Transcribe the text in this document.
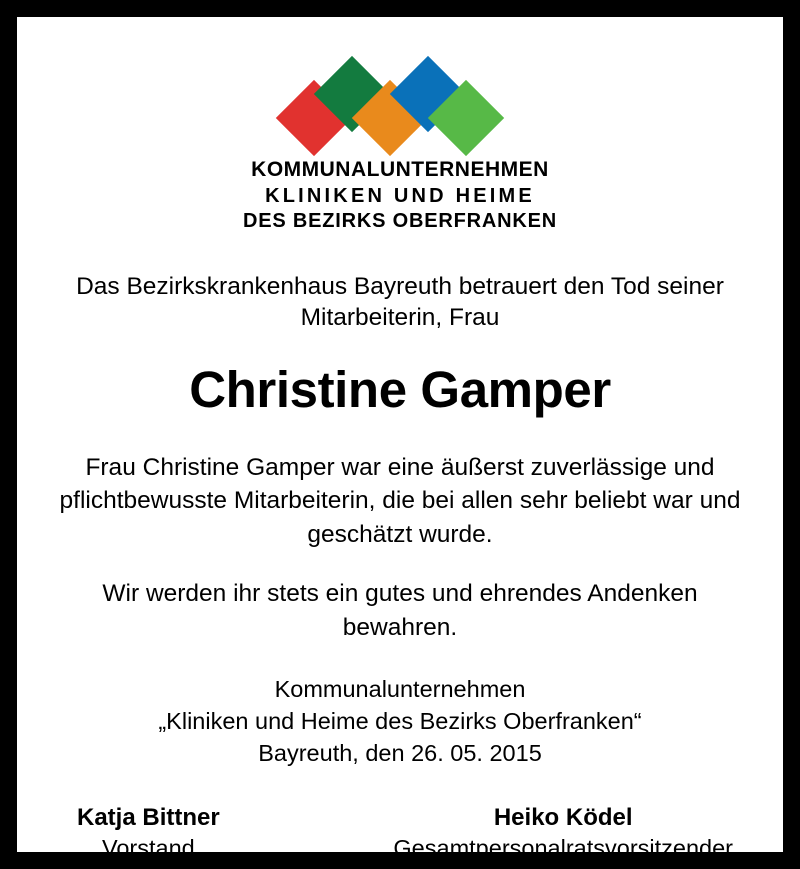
KOMMUNALUNTERNEHMEN
KLINIKEN UND HEIME
DES BEZIRKS OBERFRANKEN
Das Bezirkskrankenhaus Bayreuth betrauert den Tod seiner Mitarbeiterin, Frau
Christine Gamper
Frau Christine Gamper war eine äußerst zuverlässige und pflichtbewusste Mitarbeiterin, die bei allen sehr beliebt war und geschätzt wurde.
Wir werden ihr stets ein gutes und ehrendes Andenken bewahren.
Kommunalunternehmen
„Kliniken und Heime des Bezirks Oberfranken“
Bayreuth, den 26. 05. 2015
Katja Bittner
Vorstand
Heiko Ködel
Gesamtpersonalratsvorsitzender
